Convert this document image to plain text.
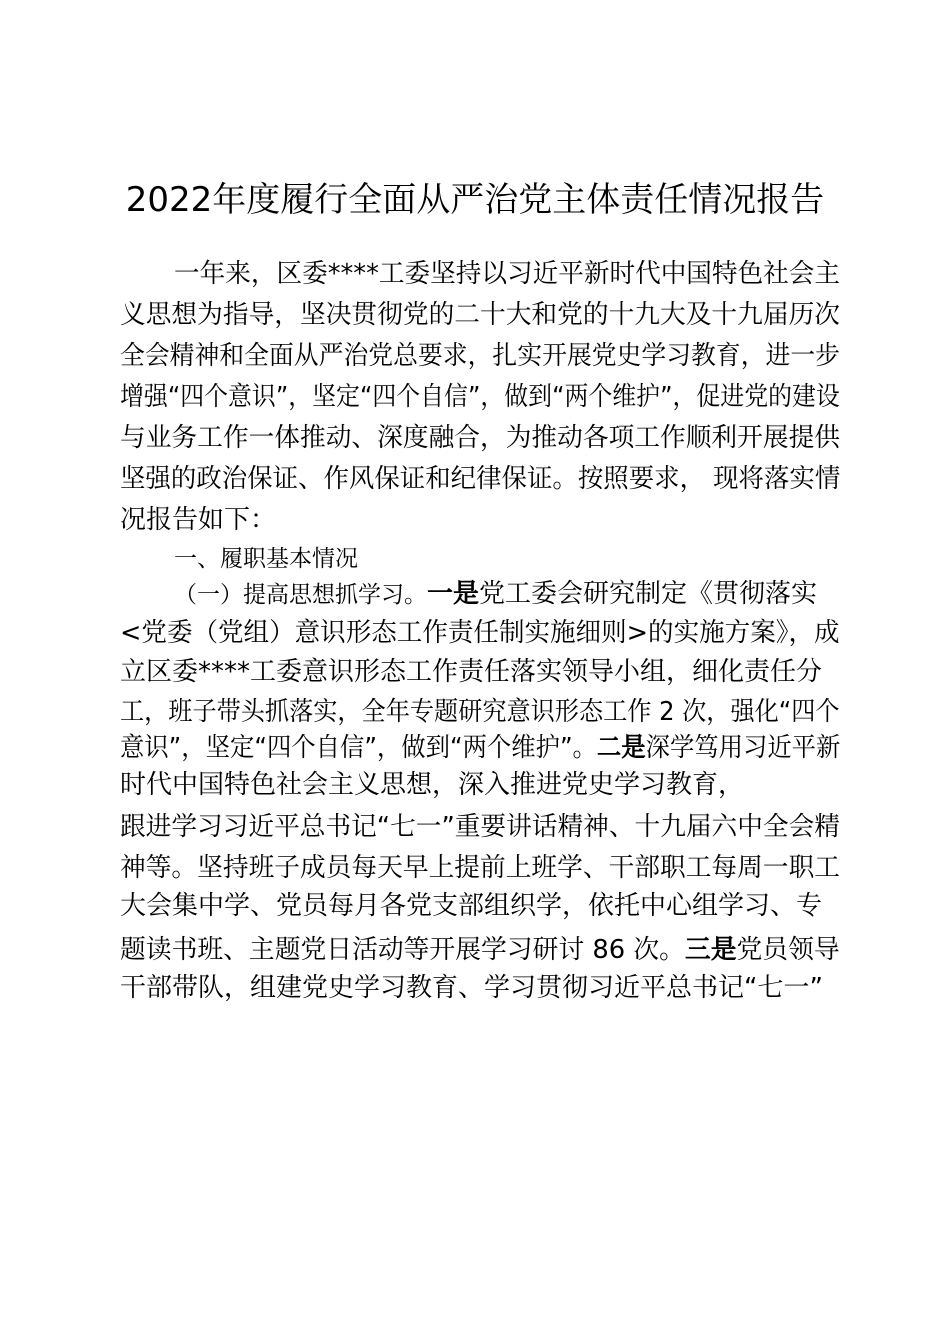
2022年度履行全面从严治党主体责任情况报告
一年来，区委****工委坚持以习近平新时代中国特色社会主
义思想为指导，坚决贯彻党的二十大和党的十九大及十九届历次
全会精神和全面从严治党总要求，扎实开展党史学习教育，进一步
增强“四个意识”，坚定“四个自信”，做到“两个维护”，促进党的建设
与业务工作一体推动、深度融合，为推动各项工作顺利开展提供
坚强的政治保证、作风保证和纪律保证。按照要求， 现将落实情
况报告如下：
一、履职基本情况
（一）提高思想抓学习。一是党工委会研究制定《贯彻落实
<党委（党组）意识形态工作责任制实施细则>的实施方案》，成
立区委****工委意识形态工作责任落实领导小组，细化责任分
工，班子带头抓落实，全年专题研究意识形态工作 2 次，强化“四个
意识”，坚定“四个自信”，做到“两个维护”。二是深学笃用习近平新
时代中国特色社会主义思想，深入推进党史学习教育，
跟进学习习近平总书记“七一”重要讲话精神、十九届六中全会精
神等。坚持班子成员每天早上提前上班学、干部职工每周一职工
大会集中学、党员每月各党支部组织学，依托中心组学习、专
题读书班、主题党日活动等开展学习研讨 86 次。三是党员领导
干部带队，组建党史学习教育、学习贯彻习近平总书记“七一”
